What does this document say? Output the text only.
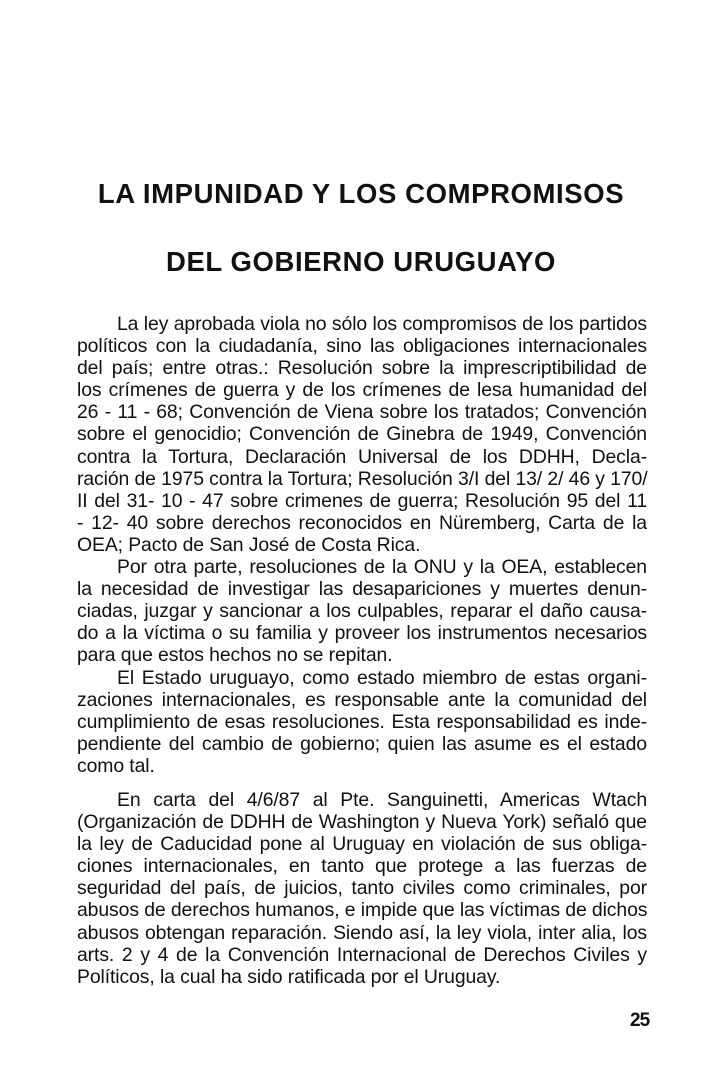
LA IMPUNIDAD Y LOS COMPROMISOS
DEL GOBIERNO URUGUAYO
La ley aprobada viola no sólo los compromisos de los partidos
políticos con la ciudadanía, sino las obligaciones internacionales
del país; entre otras.: Resolución sobre la imprescriptibilidad de
los crímenes de guerra y de los crímenes de lesa humanidad del
26 - 11 - 68; Convención de Viena sobre los tratados; Convención
sobre el genocidio; Convención de Ginebra de 1949, Convención
contra la Tortura, Declaración Universal de los DDHH, Decla-
ración de 1975 contra la Tortura; Resolución 3/I del 13/ 2/ 46 y 170/
II del 31- 10 - 47 sobre crimenes de guerra; Resolución 95 del 11
- 12- 40 sobre derechos reconocidos en Nüremberg, Carta de la
OEA; Pacto de San José de Costa Rica.
Por otra parte, resoluciones de la ONU y la OEA, establecen
la necesidad de investigar las desapariciones y muertes denun-
ciadas, juzgar y sancionar a los culpables, reparar el daño causa-
do a la víctima o su familia y proveer los instrumentos necesarios
para que estos hechos no se repitan.
El Estado uruguayo, como estado miembro de estas organi-
zaciones internacionales, es responsable ante la comunidad del
cumplimiento de esas resoluciones. Esta responsabilidad es inde-
pendiente del cambio de gobierno; quien las asume es el estado
como tal.
En carta del 4/6/87 al Pte. Sanguinetti, Americas Wtach
(Organización de DDHH de Washington y Nueva York) señaló que
la ley de Caducidad pone al Uruguay en violación de sus obliga-
ciones internacionales, en tanto que protege a las fuerzas de
seguridad del país, de juicios, tanto civiles como criminales, por
abusos de derechos humanos, e impide que las víctimas de dichos
abusos obtengan reparación. Siendo así, la ley viola, inter alia, los
arts. 2 y 4 de la Convención Internacional de Derechos Civiles y
Políticos, la cual ha sido ratificada por el Uruguay.
25
